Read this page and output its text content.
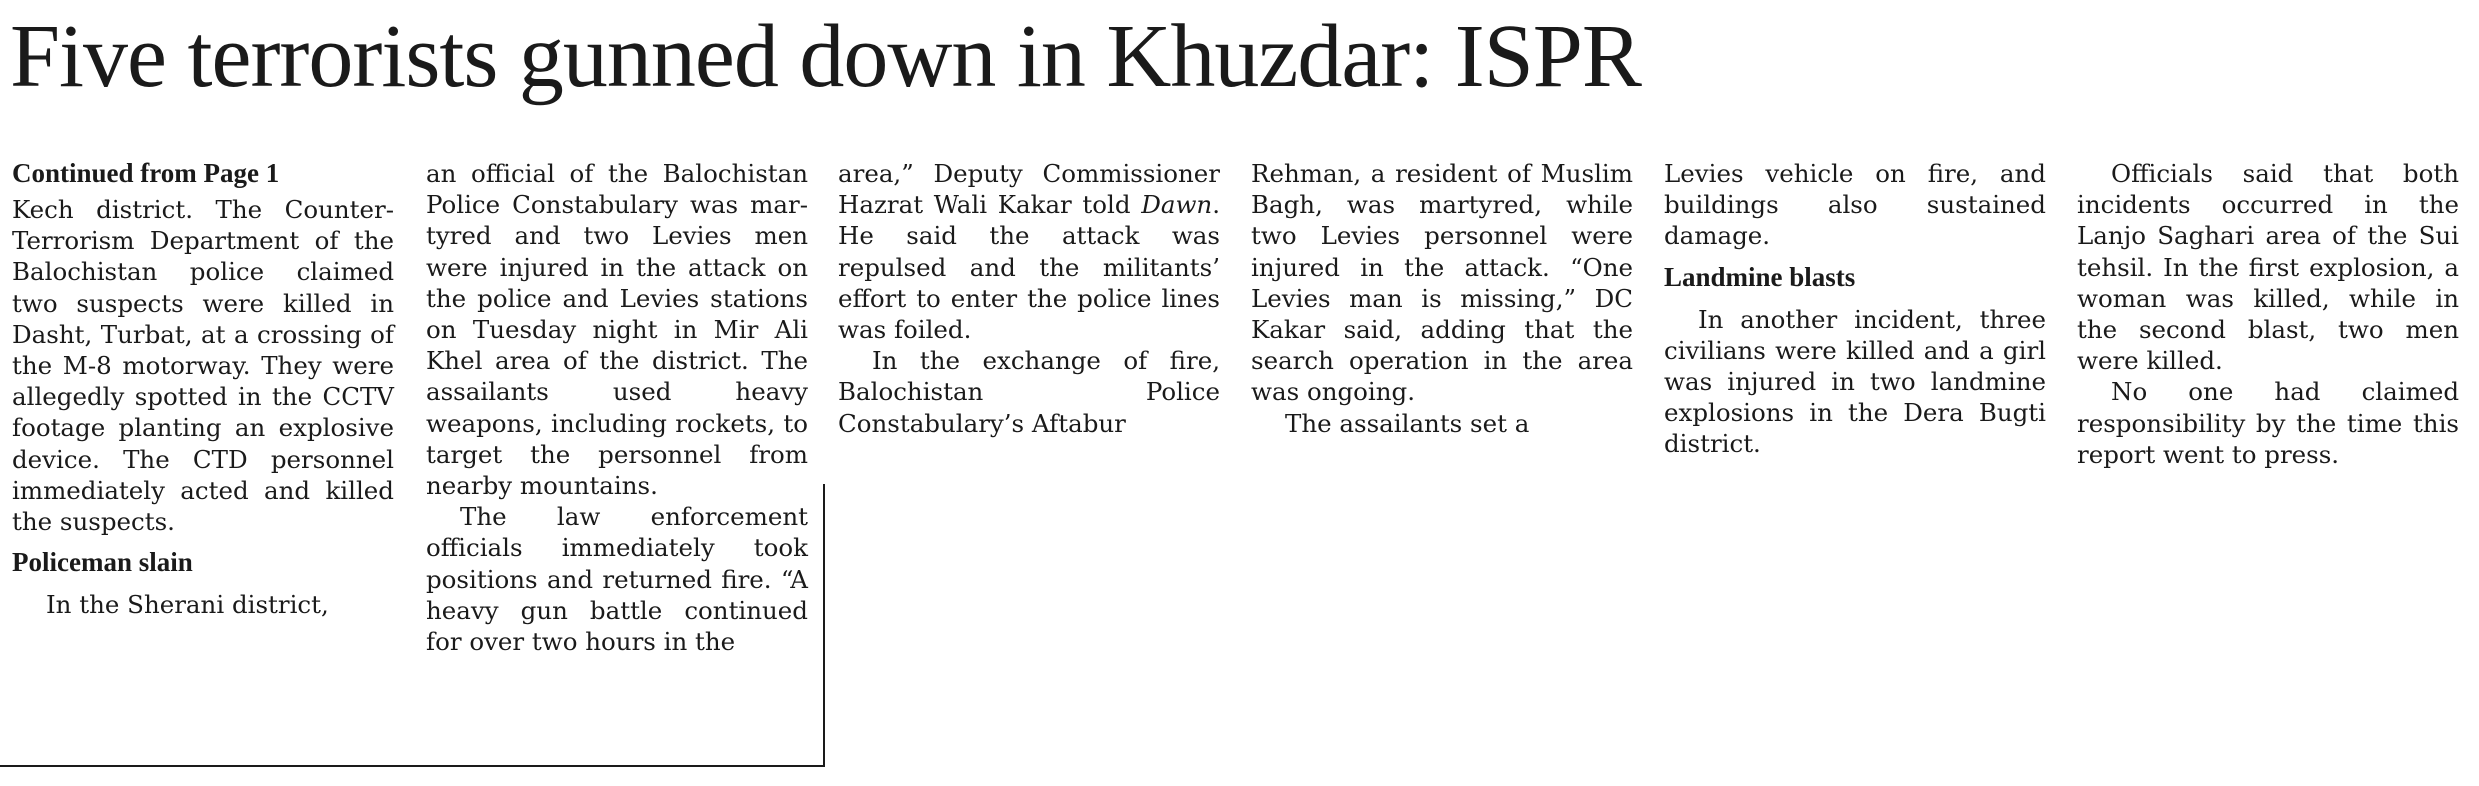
Five terrorists gunned down in Khuzdar: ISPR
Continued from Page 1

Kech district. The Counter-Terrorism Department of the Balochistan police claimed two suspects were killed in Dasht, Turbat, at a crossing of the M-8 motorway. They were allegedly spotted in the CCTV footage planting an explosive device. The CTD personnel immediately acted and killed the suspects.

Policeman slain

In the Sherani district,

an official of the Balochistan Police Constabulary was martyred and two Levies men were injured in the attack on the police and Levies stations on Tuesday night in Mir Ali Khel area of the district. The assailants used heavy weapons, including rockets, to target the personnel from nearby mountains.

The law enforcement officials immediately took positions and returned fire. “A heavy gun battle continued for over two hours in the

area,” Deputy Commissioner Hazrat Wali Kakar told Dawn. He said the attack was repulsed and the militants’ effort to enter the police lines was foiled.

In the exchange of fire, Balochistan Police Constabulary’s Aftabur

Rehman, a resident of Muslim Bagh, was martyred, while two Levies personnel were injured in the attack. “One Levies man is missing,” DC Kakar said, adding that the search operation in the area was ongoing.

The assailants set a

Levies vehicle on fire, and buildings also sustained damage.

Landmine blasts

In another incident, three civilians were killed and a girl was injured in two landmine explosions in the Dera Bugti district.

Officials said that both incidents occurred in the Lanjo Saghari area of the Sui tehsil. In the first explosion, a woman was killed, while in the second blast, two men were killed.

No one had claimed responsibility by the time this report went to press.
